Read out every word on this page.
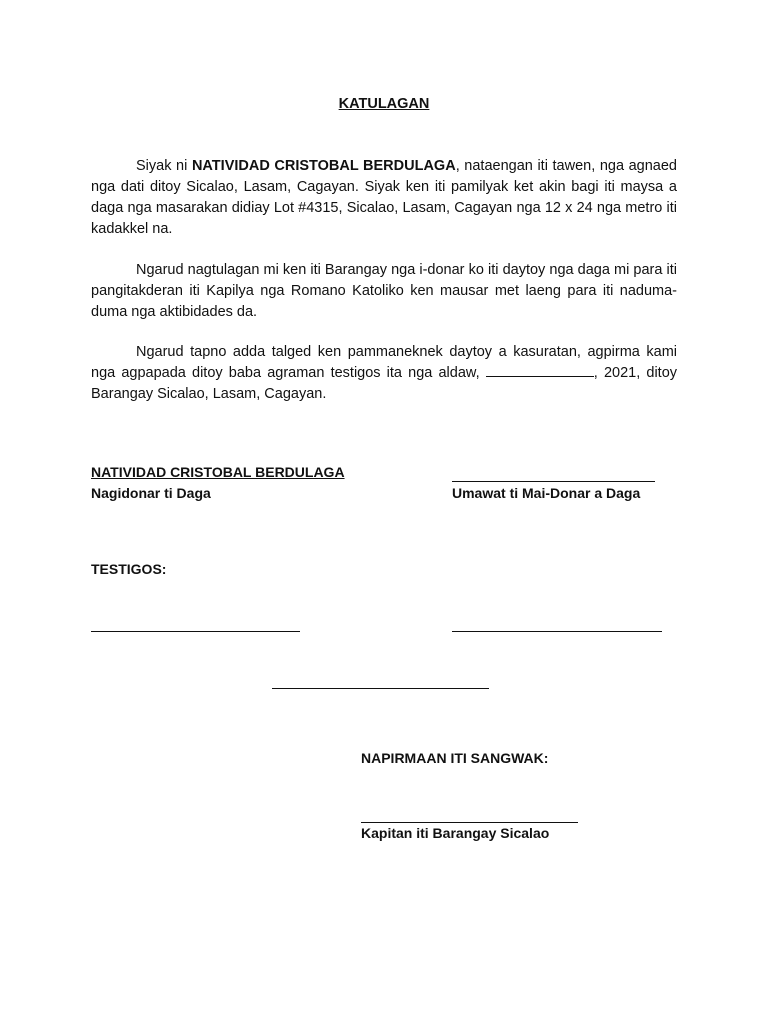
KATULAGAN
Siyak ni NATIVIDAD CRISTOBAL BERDULAGA, nataengan iti tawen, nga agnaed nga dati ditoy Sicalao, Lasam, Cagayan. Siyak ken iti pamilyak ket akin bagi iti maysa a daga nga masarakan didiay Lot #4315, Sicalao, Lasam, Cagayan nga 12 x 24 nga metro iti kadakkel na.
Ngarud nagtulagan mi ken iti Barangay nga i-donar ko iti daytoy nga daga mi para iti pangitakderan iti Kapilya nga Romano Katoliko ken mausar met laeng para iti naduma-duma nga aktibidades da.
Ngarud tapno adda talged ken pammaneknek daytoy a kasuratan, agpirma kami nga agpapada ditoy baba agraman testigos ita nga aldaw,	, 2021, ditoy Barangay Sicalao, Lasam, Cagayan.
NATIVIDAD CRISTOBAL BERDULAGA
Nagidonar ti Daga	Umawat ti Mai-Donar a Daga
TESTIGOS:
NAPIRMAAN ITI SANGWAK:
Kapitan iti Barangay Sicalao
